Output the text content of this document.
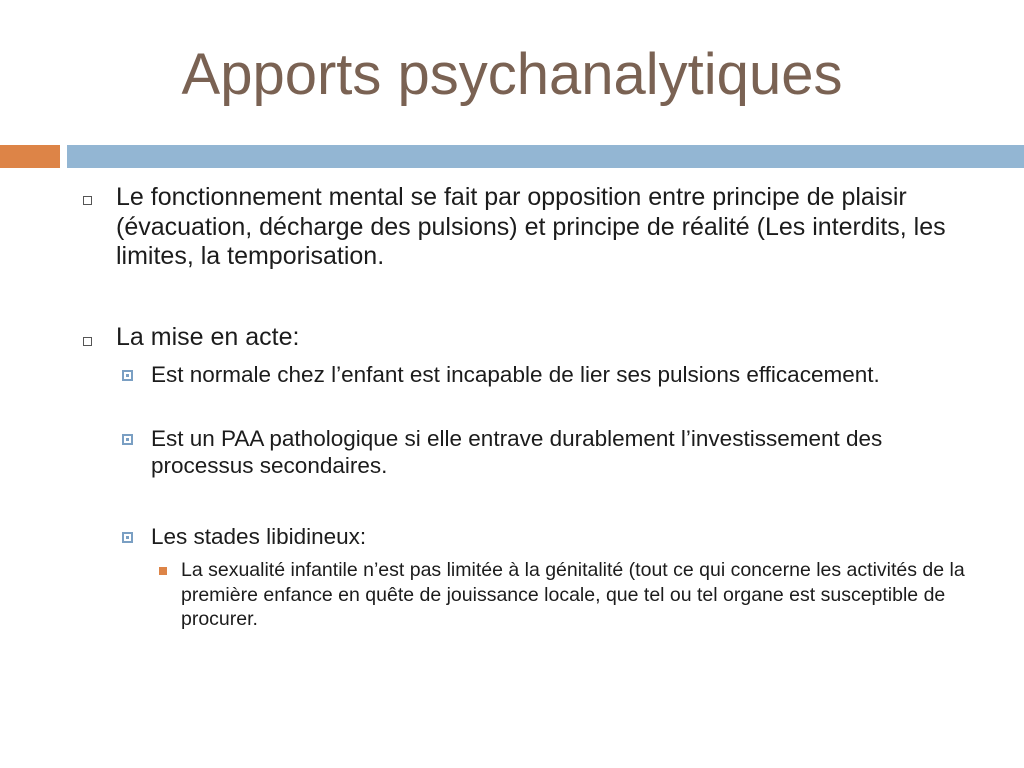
Apports psychanalytiques
Le fonctionnement mental se fait par opposition entre principe de plaisir (évacuation, décharge des pulsions) et principe de réalité (Les interdits, les limites, la temporisation.
La mise en acte:
Est normale chez l’enfant est incapable de lier ses pulsions efficacement.
Est un PAA pathologique si elle entrave durablement l’investissement des processus secondaires.
Les stades libidineux:
La sexualité infantile n’est pas limitée à la génitalité (tout ce qui concerne les activités de la première enfance en quête de jouissance locale, que tel ou tel organe est susceptible de procurer.
